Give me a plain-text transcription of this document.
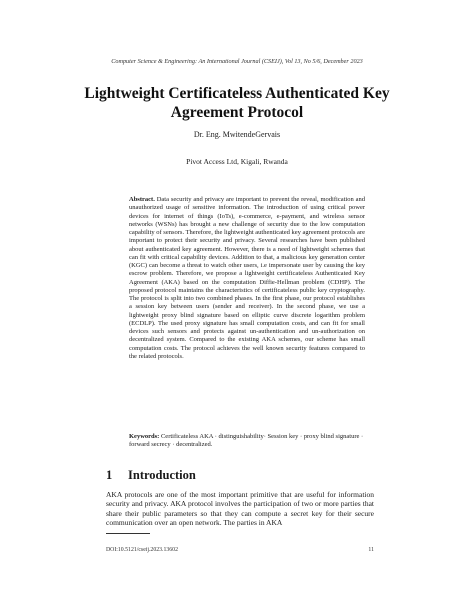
Computer Science & Engineering: An International Journal (CSEIJ), Vol 13, No 5/6, December 2023
Lightweight Certificateless Authenticated Key Agreement Protocol
Dr. Eng. MwitendeGervais
Pivot Access Ltd, Kigali, Rwanda
Abstract. Data security and privacy are important to prevent the reveal, modification and unauthorized usage of sensitive information. The introduction of using critical power devices for internet of things (IoTs), e-commerce, e-payment, and wireless sensor networks (WSNs) has brought a new challenge of security due to the low computation capability of sensors. Therefore, the lightweight authenticated key agreement protocols are important to protect their security and privacy. Several researches have been published about authenticated key agreement. However, there is a need of lightweight schemes that can fit with critical capability devices. Addition to that, a malicious key generation center (KGC) can become a threat to watch other users, i.e impersonate user by causing the key escrow problem. Therefore, we propose a lightweight certificateless Authenticated Key Agreement (AKA) based on the computation Diffie-Hellman problem (CDHP). The proposed protocol maintains the characteristics of certificateless public key cryptography. The protocol is split into two combined phases. In the first phase, our protocol establishes a session key between users (sender and receiver). In the second phase, we use a lightweight proxy blind signature based on elliptic curve discrete logarithm problem (ECDLP). The used proxy signature has small computation costs, and can fit for small devices such sensors and protects against un-authentication and un-authorization on decentralized system. Compared to the existing AKA schemes, our scheme has small computation costs. The protocol achieves the well known security features compared to the related protocols.
Keywords: Certificateless AKA · distinguishability· Session key · proxy blind signature · forward secrecy · decentralized.
1 Introduction
AKA protocols are one of the most important primitive that are useful for information security and privacy. AKA protocol involves the participation of two or more parties that share their public parameters so that they can compute a secret key for their secure communication over an open network. The parties in AKA
DOI:10.5121/cseij.2023.13602	11
